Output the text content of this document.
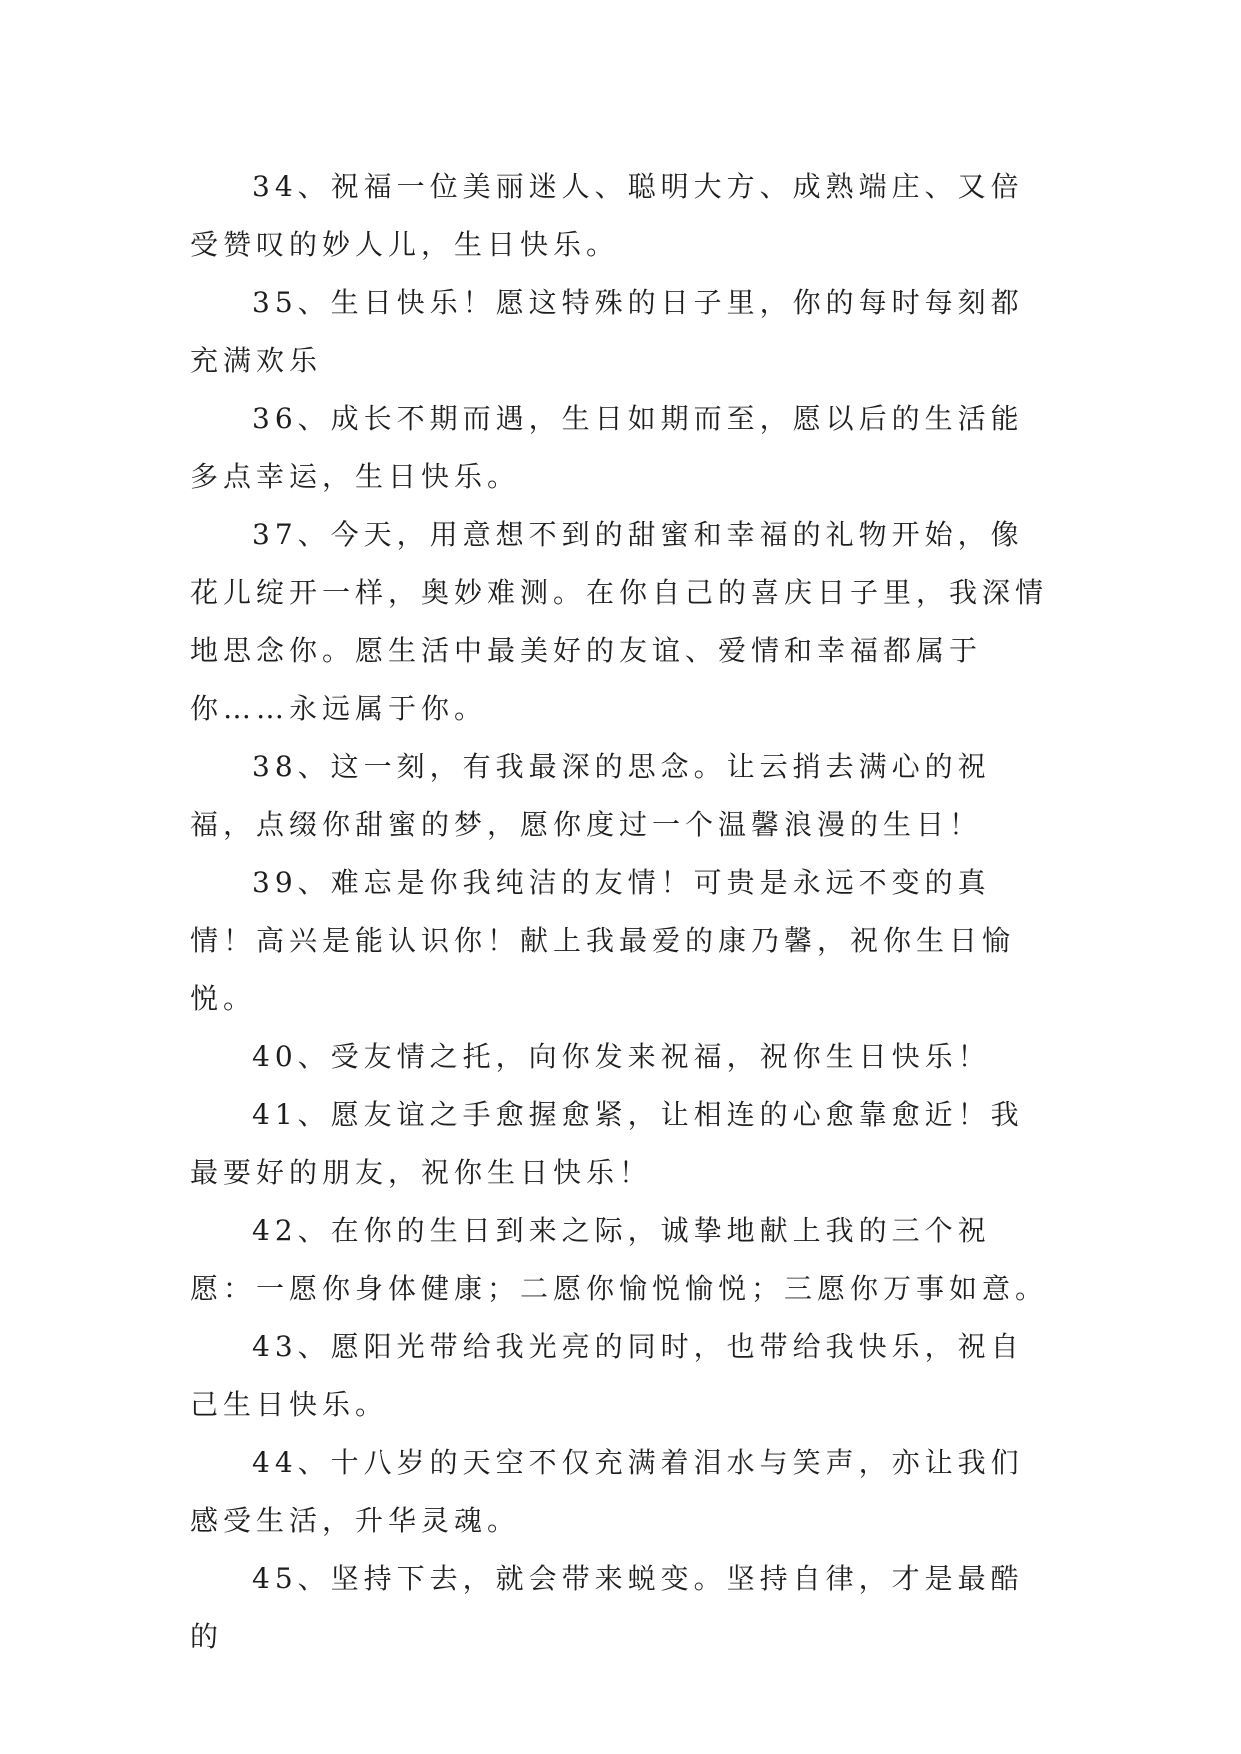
34、祝福一位美丽迷人、聪明大方、成熟端庄、又倍受赞叹的妙人儿，生日快乐。

35、生日快乐！愿这特殊的日子里，你的每时每刻都充满欢乐

36、成长不期而遇，生日如期而至，愿以后的生活能多点幸运，生日快乐。

37、今天，用意想不到的甜蜜和幸福的礼物开始，像花儿绽开一样，奥妙难测。在你自己的喜庆日子里，我深情地思念你。愿生活中最美好的友谊、爱情和幸福都属于你……永远属于你。

38、这一刻，有我最深的思念。让云捎去满心的祝福，点缀你甜蜜的梦，愿你度过一个温馨浪漫的生日！

39、难忘是你我纯洁的友情！可贵是永远不变的真情！高兴是能认识你！献上我最爱的康乃馨，祝你生日愉悦。

40、受友情之托，向你发来祝福，祝你生日快乐！

41、愿友谊之手愈握愈紧，让相连的心愈靠愈近！我最要好的朋友，祝你生日快乐！

42、在你的生日到来之际，诚挚地献上我的三个祝愿：一愿你身体健康；二愿你愉悦愉悦；三愿你万事如意。

43、愿阳光带给我光亮的同时，也带给我快乐，祝自己生日快乐。

44、十八岁的天空不仅充满着泪水与笑声，亦让我们感受生活，升华灵魂。

45、坚持下去，就会带来蜕变。坚持自律，才是最酷的
